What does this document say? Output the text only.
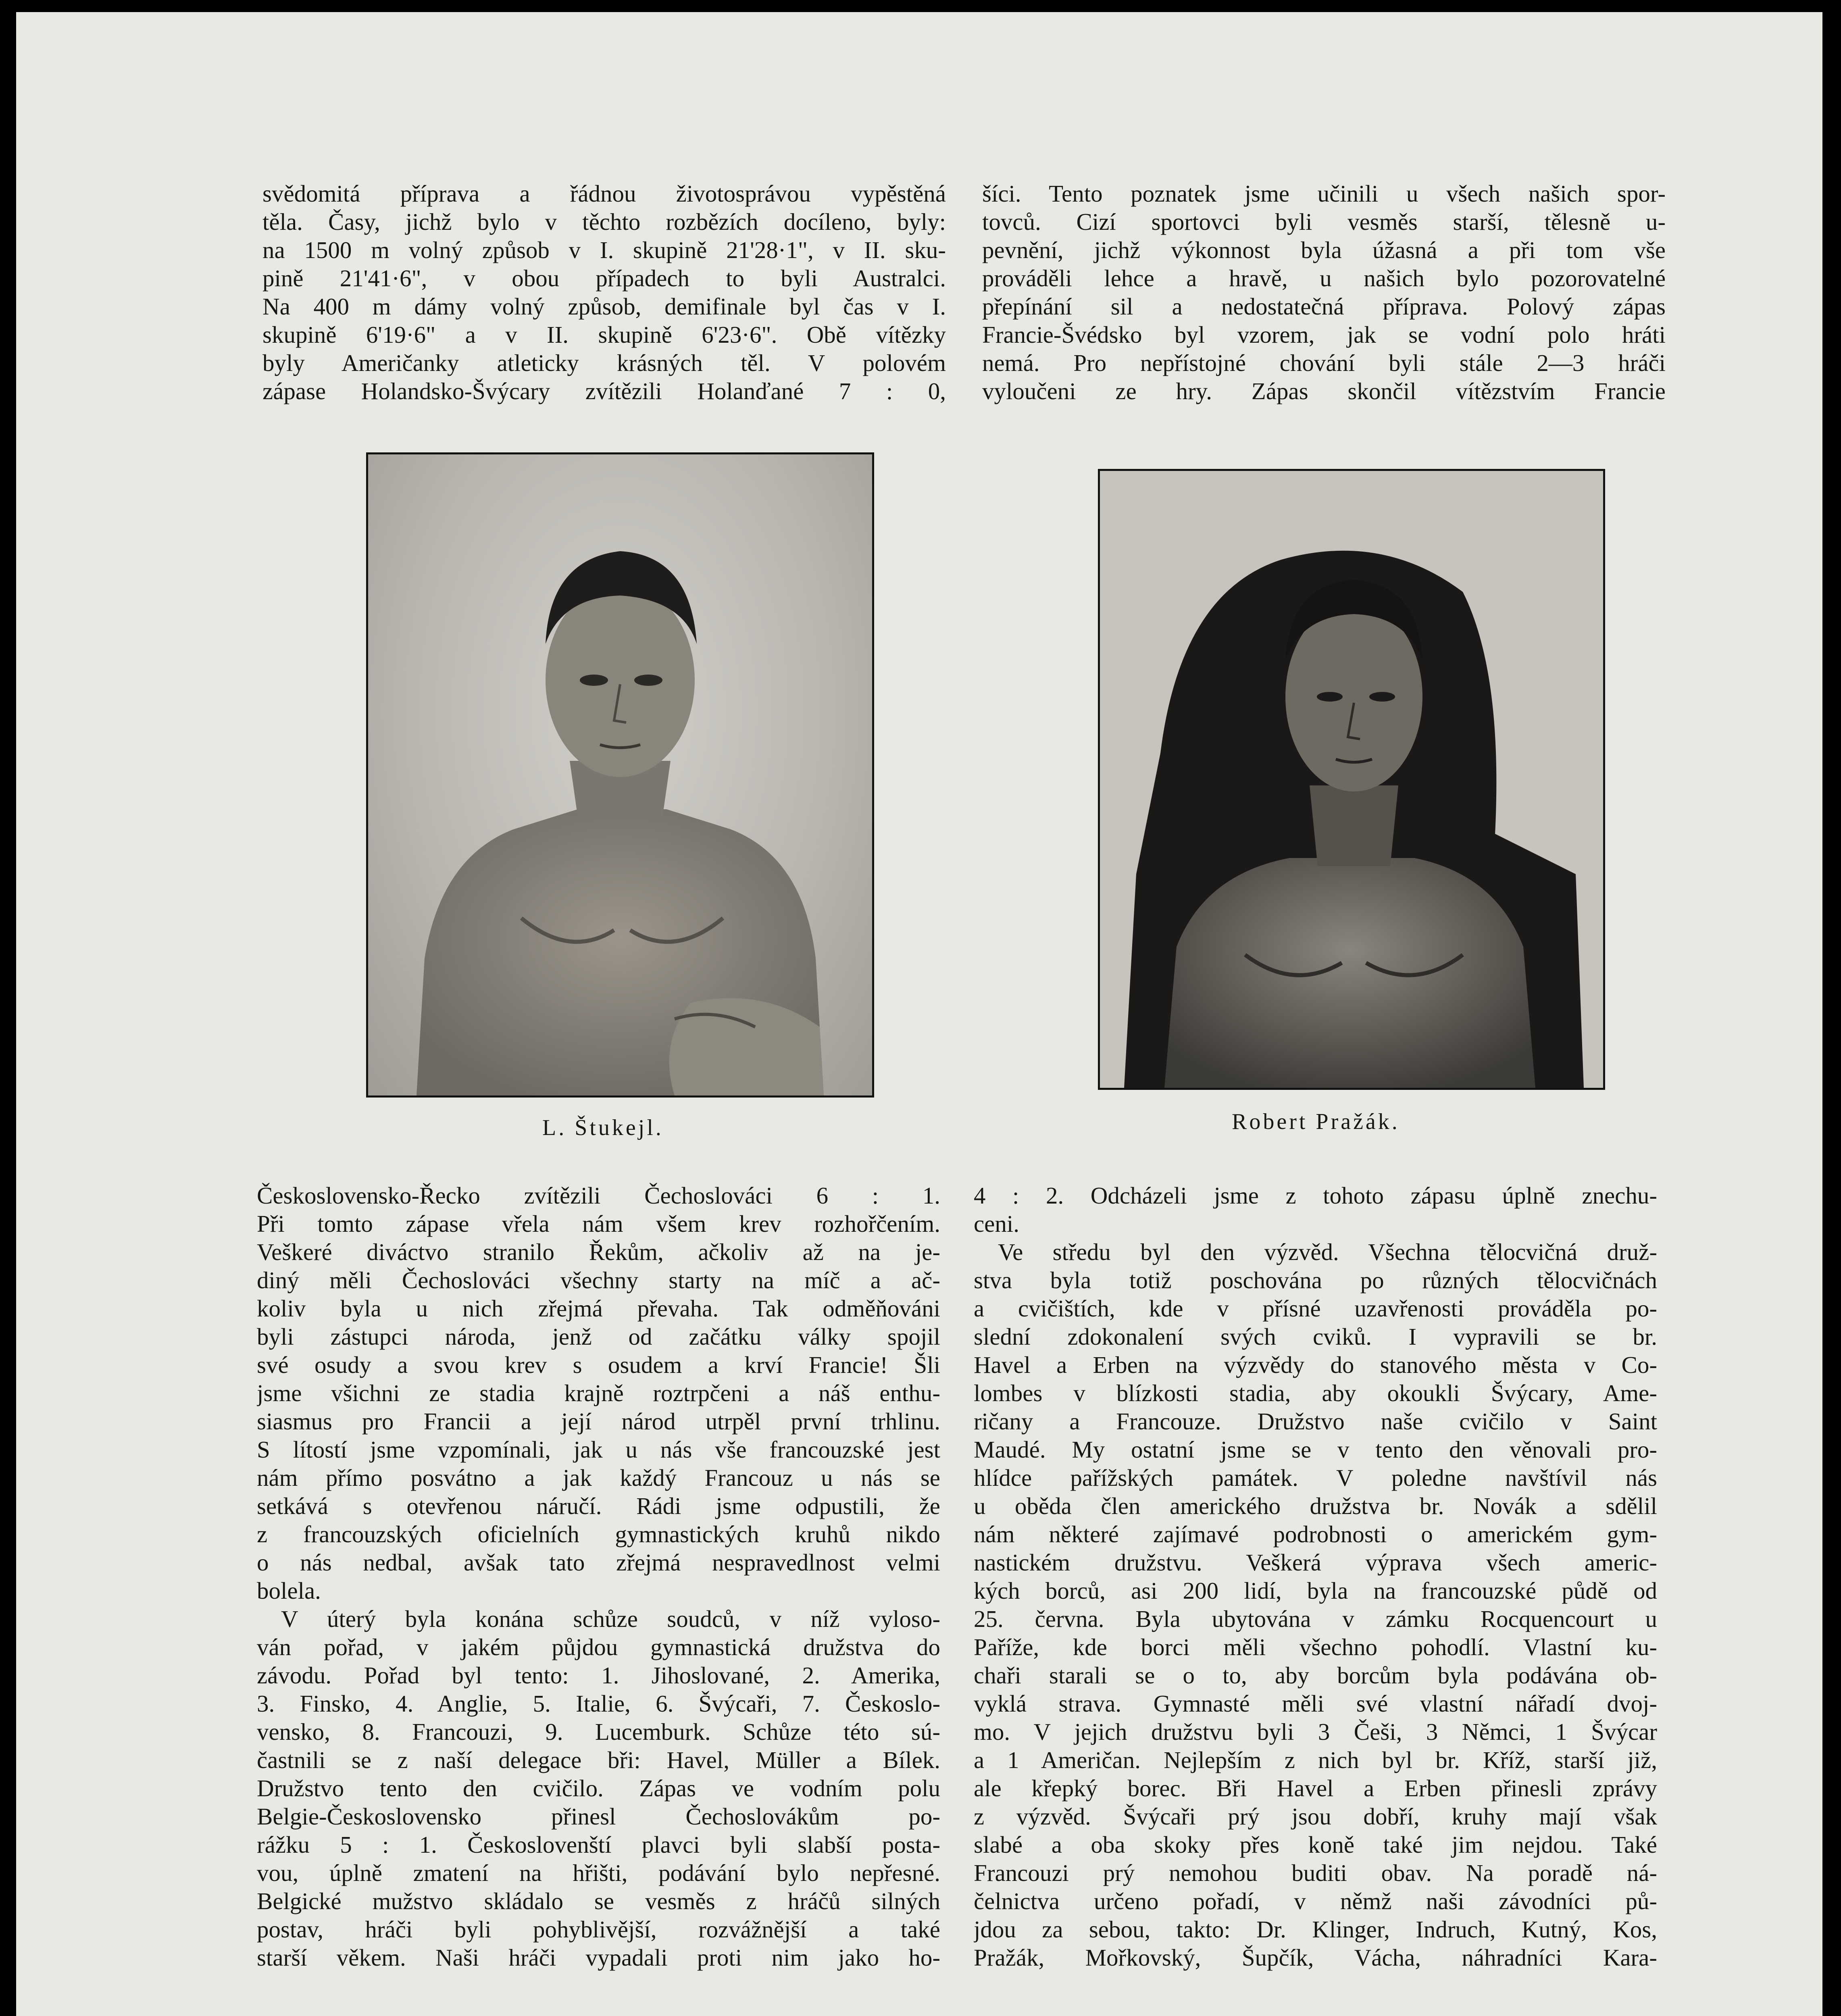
svědomitá příprava a řádnou životosprávou vypěstěná
těla. Časy, jichž bylo v těchto rozbězích docíleno, byly:
na 1500 m volný způsob v I. skupině 21'28·1", v II. sku-
pině 21'41·6", v obou případech to byli Australci.
Na 400 m dámy volný způsob, demifinale byl čas v I.
skupině 6'19·6" a v II. skupině 6'23·6". Obě vítězky
byly Američanky atleticky krásných těl. V polovém
zápase Holandsko-Švýcary zvítězili Holanďané 7 : 0,
šíci. Tento poznatek jsme učinili u všech našich spor-
tovců. Cizí sportovci byli vesměs starší, tělesně u-
pevnění, jichž výkonnost byla úžasná a při tom vše
prováděli lehce a hravě, u našich bylo pozorovatelné
přepínání sil a nedostatečná příprava. Polový zápas
Francie-Švédsko byl vzorem, jak se vodní polo hráti
nemá. Pro nepřístojné chování byli stále 2—3 hráči
vyloučeni ze hry. Zápas skončil vítězstvím Francie
L. Štukejl.	Robert Pražák.
Československo-Řecko zvítězili Čechoslováci 6 : 1.
Při tomto zápase vřela nám všem krev rozhořčením.
Veškeré diváctvo stranilo Řekům, ačkoliv až na je-
diný měli Čechoslováci všechny starty na míč a ač-
koliv byla u nich zřejmá převaha. Tak odměňováni
byli zástupci národa, jenž od začátku války spojil
své osudy a svou krev s osudem a krví Francie! Šli
jsme všichni ze stadia krajně roztrpčeni a náš enthu-
siasmus pro Francii a její národ utrpěl první trhlinu.
S lítostí jsme vzpomínali, jak u nás vše francouzské jest
nám přímo posvátno a jak každý Francouz u nás se
setkává s otevřenou náručí. Rádi jsme odpustili, že
z francouzských oficielních gymnastických kruhů nikdo
o nás nedbal, avšak tato zřejmá nespravedlnost velmi
bolela.
V úterý byla konána schůze soudců, v níž vyloso-
ván pořad, v jakém půjdou gymnastická družstva do
závodu. Pořad byl tento: 1. Jihoslované, 2. Amerika,
3. Finsko, 4. Anglie, 5. Italie, 6. Švýcaři, 7. Českoslo-
vensko, 8. Francouzi, 9. Lucemburk. Schůze této sú-
častnili se z naší delegace bři: Havel, Müller a Bílek.
Družstvo tento den cvičilo. Zápas ve vodním polu
Belgie-Československo přinesl Čechoslovákům po-
rážku 5 : 1. Českoslovenští plavci byli slabší posta-
vou, úplně zmatení na hřišti, podávání bylo nepřesné.
Belgické mužstvo skládalo se vesměs z hráčů silných
postav, hráči byli pohyblivější, rozvážnější a také
starší věkem. Naši hráči vypadali proti nim jako ho-
4 : 2. Odcházeli jsme z tohoto zápasu úplně znechu-
ceni.
Ve středu byl den výzvěd. Všechna tělocvičná druž-
stva byla totiž poschována po různých tělocvičnách
a cvičištích, kde v přísné uzavřenosti prováděla po-
slední zdokonalení svých cviků. I vypravili se br.
Havel a Erben na výzvědy do stanového města v Co-
lombes v blízkosti stadia, aby okoukli Švýcary, Ame-
ričany a Francouze. Družstvo naše cvičilo v Saint
Maudé. My ostatní jsme se v tento den věnovali pro-
hlídce pařížských památek. V poledne navštívil nás
u oběda člen amerického družstva br. Novák a sdělil
nám některé zajímavé podrobnosti o americkém gym-
nastickém družstvu. Veškerá výprava všech americ-
kých borců, asi 200 lidí, byla na francouzské půdě od
25. června. Byla ubytována v zámku Rocquencourt u
Paříže, kde borci měli všechno pohodlí. Vlastní ku-
chaři starali se o to, aby borcům byla podávána ob-
vyklá strava. Gymnasté měli své vlastní nářadí dvoj-
mo. V jejich družstvu byli 3 Češi, 3 Němci, 1 Švýcar
a 1 Američan. Nejlepším z nich byl br. Kříž, starší již,
ale křepký borec. Bři Havel a Erben přinesli zprávy
z výzvěd. Švýcaři prý jsou dobří, kruhy mají však
slabé a oba skoky přes koně také jim nejdou. Také
Francouzi prý nemohou buditi obav. Na poradě ná-
čelnictva určeno pořadí, v němž naši závodníci pů-
jdou za sebou, takto: Dr. Klinger, Indruch, Kutný, Kos,
Pražák, Mořkovský, Šupčík, Vácha, náhradníci Kara-
